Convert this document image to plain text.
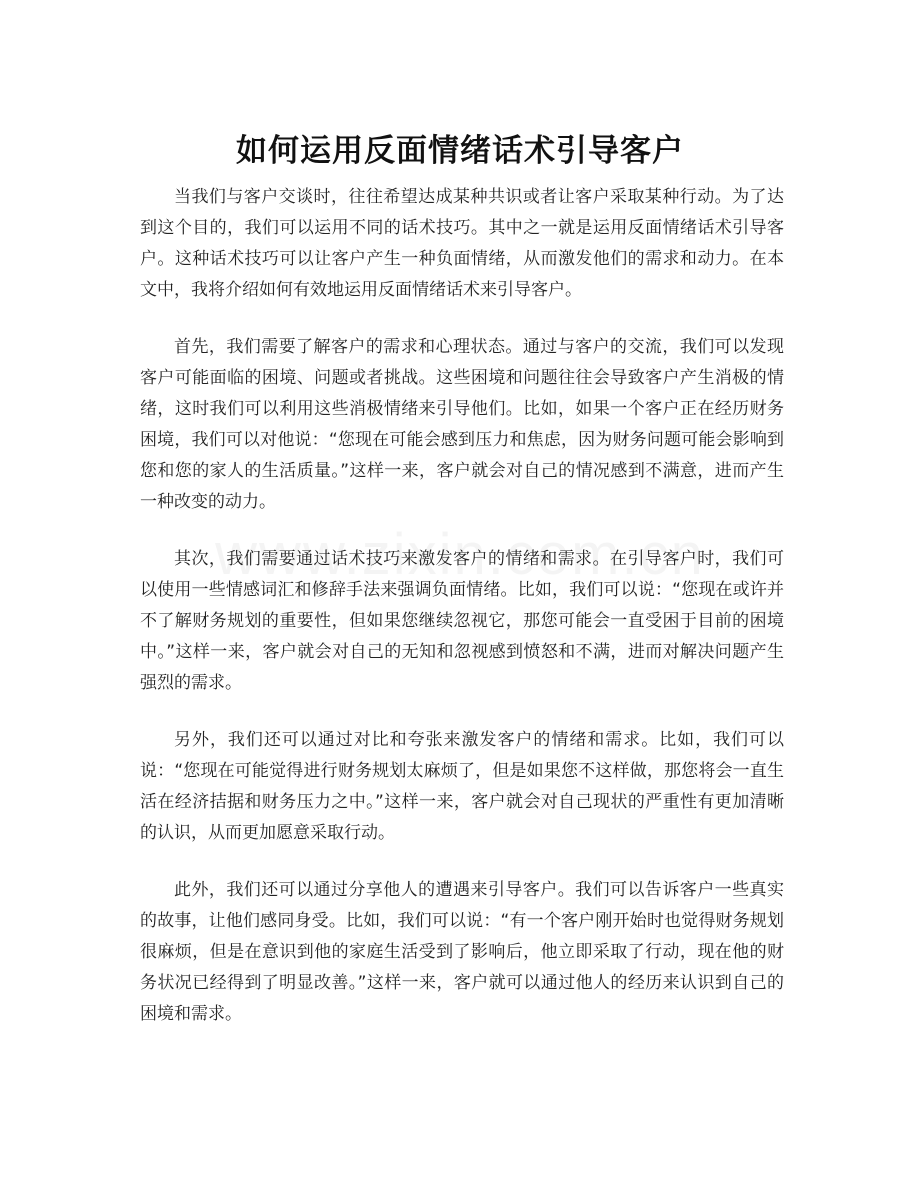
如何运用反面情绪话术引导客户

当我们与客户交谈时，往往希望达成某种共识或者让客户采取某种行动。为了达到这个目的，我们可以运用不同的话术技巧。其中之一就是运用反面情绪话术引导客户。这种话术技巧可以让客户产生一种负面情绪，从而激发他们的需求和动力。在本文中，我将介绍如何有效地运用反面情绪话术来引导客户。

首先，我们需要了解客户的需求和心理状态。通过与客户的交流，我们可以发现客户可能面临的困境、问题或者挑战。这些困境和问题往往会导致客户产生消极的情绪，这时我们可以利用这些消极情绪来引导他们。比如，如果一个客户正在经历财务困境，我们可以对他说：“您现在可能会感到压力和焦虑，因为财务问题可能会影响到您和您的家人的生活质量。”这样一来，客户就会对自己的情况感到不满意，进而产生一种改变的动力。

其次，我们需要通过话术技巧来激发客户的情绪和需求。在引导客户时，我们可以使用一些情感词汇和修辞手法来强调负面情绪。比如，我们可以说：“您现在或许并不了解财务规划的重要性，但如果您继续忽视它，那您可能会一直受困于目前的困境中。”这样一来，客户就会对自己的无知和忽视感到愤怒和不满，进而对解决问题产生强烈的需求。

另外，我们还可以通过对比和夸张来激发客户的情绪和需求。比如，我们可以说：“您现在可能觉得进行财务规划太麻烦了，但是如果您不这样做，那您将会一直生活在经济拮据和财务压力之中。”这样一来，客户就会对自己现状的严重性有更加清晰的认识，从而更加愿意采取行动。

此外，我们还可以通过分享他人的遭遇来引导客户。我们可以告诉客户一些真实的故事，让他们感同身受。比如，我们可以说：“有一个客户刚开始时也觉得财务规划很麻烦，但是在意识到他的家庭生活受到了影响后，他立即采取了行动，现在他的财务状况已经得到了明显改善。”这样一来，客户就可以通过他人的经历来认识到自己的困境和需求。
